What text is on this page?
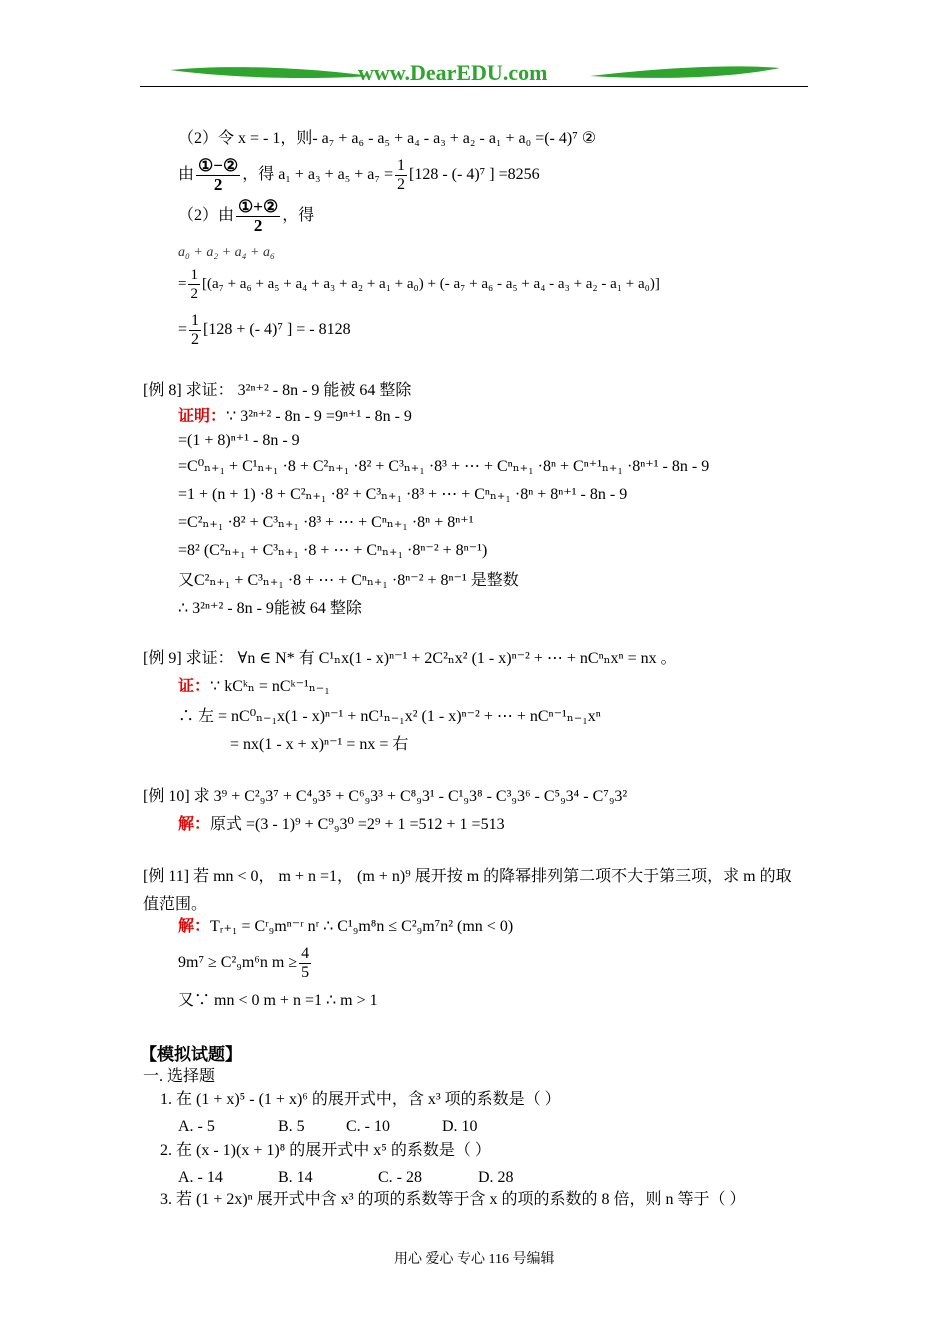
www.DearEDU.com
（2）令 x = - 1，则- a₇ + a₆ - a₅ + a₄ - a₃ + a₂ - a₁ + a₀ =(- 4)⁷ ②
由 $\frac{\text{①−②}}{2}$ ，得 $a_1 + a_3 + a_5 + a_7 = \frac{1}{2} [128$ - (- 4)⁷ ] =8256
（2）由 $\frac{\text{①+②}}{2}$ ，得
a₀ + a₂ + a₄ + a₆
= $\frac{1}{2} [(a_7 + a_6 + a_5 + a_4 + a_3 + a_2 + a_1 + a_0)$ + (- a₇ + a₆ - a₅ + a₄ - a₃ + a₂ - a₁ + a₀)]
= $\frac{1}{2} [128$ + (- 4)⁷ ] = - 8128
[例 8] 求证： 3²ⁿ⁺² - 8n - 9 能被 64 整除
证明：∵ 3²ⁿ⁺² - 8n - 9 =9ⁿ⁺¹ - 8n - 9
=(1 + 8)ⁿ⁺¹ - 8n - 9
=C⁰ₙ₊₁ + C¹ₙ₊₁ ·8 + C²ₙ₊₁ ·8² + C³ₙ₊₁ ·8³ + ⋯ + Cⁿₙ₊₁ ·8ⁿ + Cⁿ⁺¹ₙ₊₁ ·8ⁿ⁺¹ - 8n - 9
=1 + (n + 1) ·8 + C²ₙ₊₁ ·8² + C³ₙ₊₁ ·8³ + ⋯ + Cⁿₙ₊₁ ·8ⁿ + 8ⁿ⁺¹ - 8n - 9
=C²ₙ₊₁ ·8² + C³ₙ₊₁ ·8³ + ⋯ + Cⁿₙ₊₁ ·8ⁿ + 8ⁿ⁺¹
=8² (C²ₙ₊₁ + C³ₙ₊₁ ·8 + ⋯ + Cⁿₙ₊₁ ·8ⁿ⁻² + 8ⁿ⁻¹)
又C²ₙ₊₁ + C³ₙ₊₁ ·8 + ⋯ + Cⁿₙ₊₁ ·8ⁿ⁻² + 8ⁿ⁻¹ 是整数
∴ 3²ⁿ⁺² - 8n - 9能被 64 整除
[例 9] 求证： ∀n ∈ N* 有 C¹ₙx(1 - x)ⁿ⁻¹ + 2C²ₙx² (1 - x)ⁿ⁻² + ⋯ + nCⁿₙxⁿ = nx 。
证：∵ kCᵏₙ = nCᵏ⁻¹ₙ₋₁
∴ 左 = nC⁰ₙ₋₁x(1 - x)ⁿ⁻¹ + nC¹ₙ₋₁x² (1 - x)ⁿ⁻² + ⋯ + nCⁿ⁻¹ₙ₋₁xⁿ
= nx(1 - x + x)ⁿ⁻¹ = nx = 右
[例 10] 求 3⁹ + C²₉3⁷ + C⁴₉3⁵ + C⁶₉3³ + C⁸₉3¹ - C¹₉3⁸ - C³₉3⁶ - C⁵₉3⁴ - C⁷₉3²
解：原式 =(3 - 1)⁹ + C⁹₉3⁰ =2⁹ + 1 =512 + 1 =513
[例 11] 若 mn < 0， m + n =1， (m + n)⁹ 展开按 m 的降幂排列第二项不大于第三项，求 m 的取
值范围。
解：Tᵣ₊₁ = Cʳ₉mⁿ⁻ʳ nʳ ∴ C¹₉m⁸n ≤ C²₉m⁷n² (mn < 0)
9m⁷ ≥ C²₉m⁶n $m \ge \frac{4}{5}$
又∵ mn < 0 m + n =1 ∴ m > 1
【模拟试题】
一. 选择题
1. 在 (1 + x)⁵ - (1 + x)⁶ 的展开式中，含 x³ 项的系数是（ ）
A. - 5	B. 5	C. - 10	D. 10
2. 在 (x - 1)(x + 1)⁸ 的展开式中 x⁵ 的系数是（ ）
A. - 14	B. 14	C. - 28	D. 28
3. 若 (1 + 2x)ⁿ 展开式中含 x³ 的项的系数等于含 x 的项的系数的 8 倍，则 n 等于（ ）
用心 爱心 专心 116 号编辑
